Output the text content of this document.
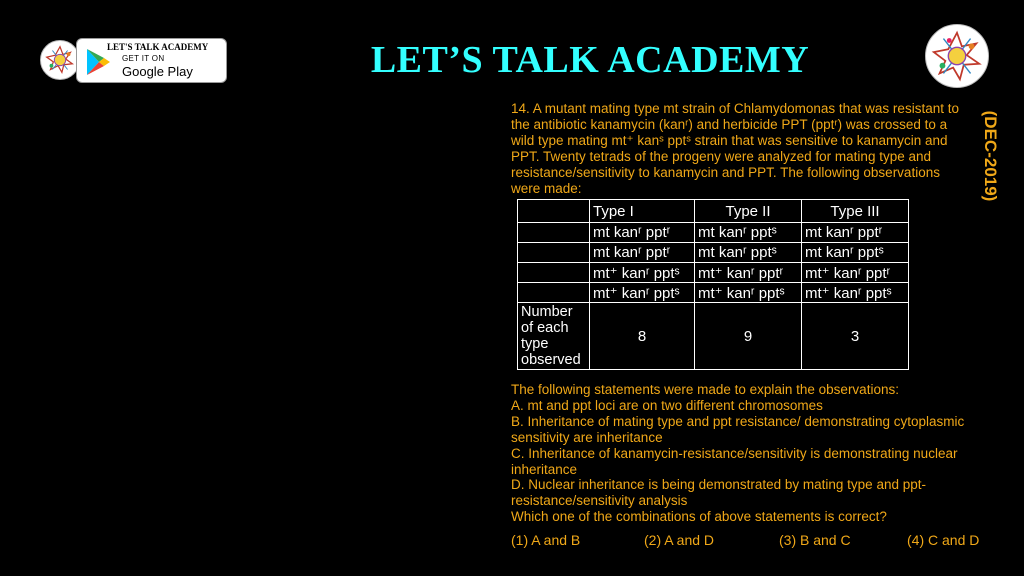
LET'S TALK ACADEMY
GET IT ON
Google Play	LET’S TALK ACADEMY
(DEC-2019)

14. A mutant mating type mt strain of Chlamydomonas that was resistant to the antibiotic kanamycin (kanʳ) and herbicide PPT (pptʳ) was crossed to a wild type mating mt⁺ kanˢ pptˢ strain that was sensitive to kanamycin and PPT. Twenty tetrads of the progeny were analyzed for mating type and resistance/sensitivity to kanamycin and PPT. The following observations were made:

	Type I	Type II	Type III
	mt kanʳ pptʳ	mt kanʳ pptˢ	mt kanʳ pptʳ
	mt kanʳ pptʳ	mt kanʳ pptˢ	mt kanʳ pptˢ
	mt⁺ kanʳ pptˢ	mt⁺ kanʳ pptʳ	mt⁺ kanʳ pptʳ
	mt⁺ kanʳ pptˢ	mt⁺ kanʳ pptˢ	mt⁺ kanʳ pptˢ
Number of each type observed	8	9	3

The following statements were made to explain the observations:

A. mt and ppt loci are on two different chromosomes

B. Inheritance of mating type and ppt resistance/ demonstrating cytoplasmic sensitivity are inheritance

C. Inheritance of kanamycin-resistance/sensitivity is demonstrating nuclear inheritance

D. Nuclear inheritance is being demonstrated by mating type and ppt-resistance/sensitivity analysis

Which one of the combinations of above statements is correct?

(1) A and B	(2) A and D	(3) B and C	(4) C and D
